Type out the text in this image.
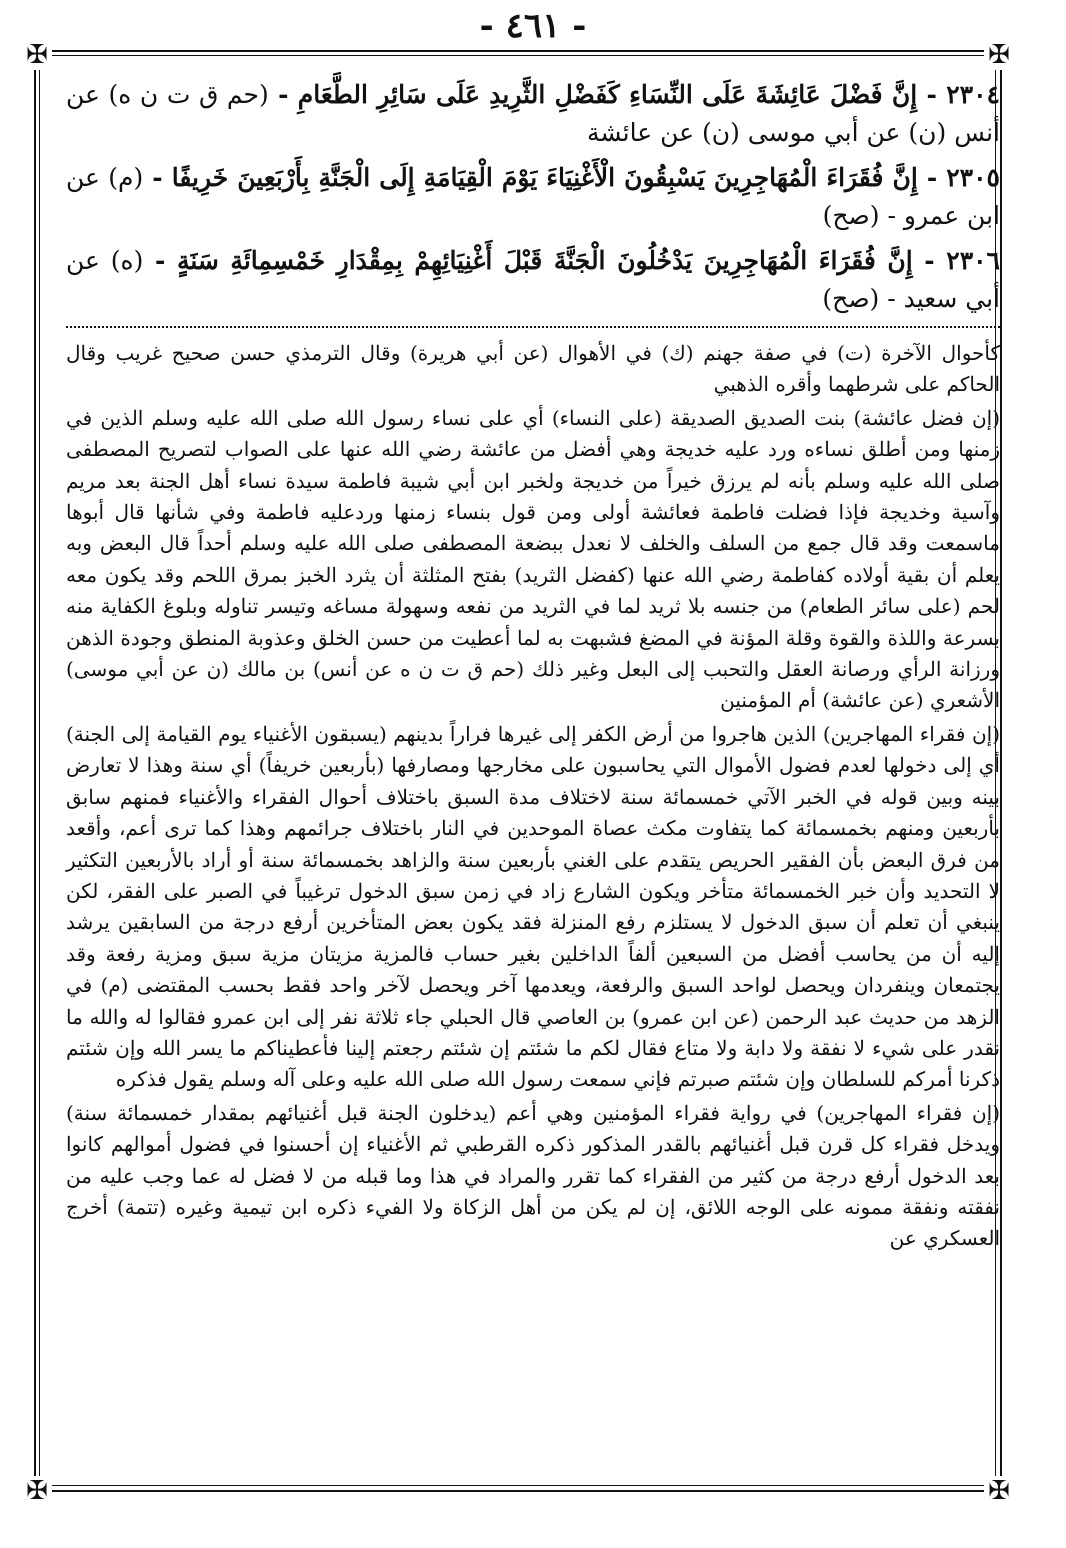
- ٤٦١ -
✠	✠
✠	✠

٢٣٠٤ - إِنَّ فَضْلَ عَائِشَةَ عَلَى النِّسَاءِ كَفَضْلِ الثَّرِيدِ عَلَى سَائِرِ الطَّعَامِ - (حم ق ت ن ه) عن أنس (ن) عن أبي موسى (ن) عن عائشة

٢٣٠٥ - إِنَّ فُقَرَاءَ الْمُهَاجِرِينَ يَسْبِقُونَ الْأَغْنِيَاءَ يَوْمَ الْقِيَامَةِ إِلَى الْجَنَّةِ بِأَرْبَعِينَ خَرِيفًا - (م) عن ابن عمرو - (صح)

٢٣٠٦ - إِنَّ فُقَرَاءَ الْمُهَاجِرِينَ يَدْخُلُونَ الْجَنَّةَ قَبْلَ أَغْنِيَائِهِمْ بِمِقْدَارِ خَمْسِمِائَةِ سَنَةٍ - (ه) عن أبي سعيد - (صح)

كأحوال الآخرة (ت) في صفة جهنم (ك) في الأهوال (عن أبي هريرة) وقال الترمذي حسن صحيح غريب وقال الحاكم على شرطهما وأقره الذهبي

(إن فضل عائشة) بنت الصديق الصديقة (على النساء) أي على نساء رسول الله صلى الله عليه وسلم الذين في زمنها ومن أطلق نساءه ورد عليه خديجة وهي أفضل من عائشة رضي الله عنها على الصواب لتصريح المصطفى صلى الله عليه وسلم بأنه لم يرزق خيراً من خديجة ولخبر ابن أبي شيبة فاطمة سيدة نساء أهل الجنة بعد مريم وآسية وخديجة فإذا فضلت فاطمة فعائشة أولى ومن قول بنساء زمنها وردعليه فاطمة وفي شأنها قال أبوها ماسمعت وقد قال جمع من السلف والخلف لا نعدل ببضعة المصطفى صلى الله عليه وسلم أحداً قال البعض وبه يعلم أن بقية أولاده كفاطمة رضي الله عنها (كفضل الثريد) بفتح المثلثة أن يثرد الخبز بمرق اللحم وقد يكون معه لحم (على سائر الطعام) من جنسه بلا ثريد لما في الثريد من نفعه وسهولة مساغه وتيسر تناوله وبلوغ الكفاية منه بسرعة واللذة والقوة وقلة المؤنة في المضغ فشبهت به لما أعطيت من حسن الخلق وعذوبة المنطق وجودة الذهن ورزانة الرأي ورصانة العقل والتحبب إلى البعل وغير ذلك (حم ق ت ن ه عن أنس) بن مالك (ن عن أبي موسى) الأشعري (عن عائشة) أم المؤمنين

(إن فقراء المهاجرين) الذين هاجروا من أرض الكفر إلى غيرها فراراً بدينهم (يسبقون الأغنياء يوم القيامة إلى الجنة) أي إلى دخولها لعدم فضول الأموال التي يحاسبون على مخارجها ومصارفها (بأربعين خريفاً) أي سنة وهذا لا تعارض بينه وبين قوله في الخبر الآتي خمسمائة سنة لاختلاف مدة السبق باختلاف أحوال الفقراء والأغنياء فمنهم سابق بأربعين ومنهم بخمسمائة كما يتفاوت مكث عصاة الموحدين في النار باختلاف جرائمهم وهذا كما ترى أعم، وأقعد من فرق البعض بأن الفقير الحريص يتقدم على الغني بأربعين سنة والزاهد بخمسمائة سنة أو أراد بالأربعين التكثير لا التحديد وأن خبر الخمسمائة متأخر ويكون الشارع زاد في زمن سبق الدخول ترغيباً في الصبر على الفقر، لكن ينبغي أن تعلم أن سبق الدخول لا يستلزم رفع المنزلة فقد يكون بعض المتأخرين أرفع درجة من السابقين يرشد إليه أن من يحاسب أفضل من السبعين ألفاً الداخلين بغير حساب فالمزية مزيتان مزية سبق ومزية رفعة وقد يجتمعان وينفردان ويحصل لواحد السبق والرفعة، ويعدمها آخر ويحصل لآخر واحد فقط بحسب المقتضى (م) في الزهد من حديث عبد الرحمن (عن ابن عمرو) بن العاصي قال الحبلي جاء ثلاثة نفر إلى ابن عمرو فقالوا له والله ما نقدر على شيء لا نفقة ولا دابة ولا متاع فقال لكم ما شئتم إن شئتم رجعتم إلينا فأعطيناكم ما يسر الله وإن شئتم ذكرنا أمركم للسلطان وإن شئتم صبرتم فإني سمعت رسول الله صلى الله عليه وعلى آله وسلم يقول فذكره

(إن فقراء المهاجرين) في رواية فقراء المؤمنين وهي أعم (يدخلون الجنة قبل أغنيائهم بمقدار خمسمائة سنة) ويدخل فقراء كل قرن قبل أغنيائهم بالقدر المذكور ذكره القرطبي ثم الأغنياء إن أحسنوا في فضول أموالهم كانوا بعد الدخول أرفع درجة من كثير من الفقراء كما تقرر والمراد في هذا وما قبله من لا فضل له عما وجب عليه من نفقته ونفقة ممونه على الوجه اللائق، إن لم يكن من أهل الزكاة ولا الفيء ذكره ابن تيمية وغيره (تتمة) أخرج العسكري عن
